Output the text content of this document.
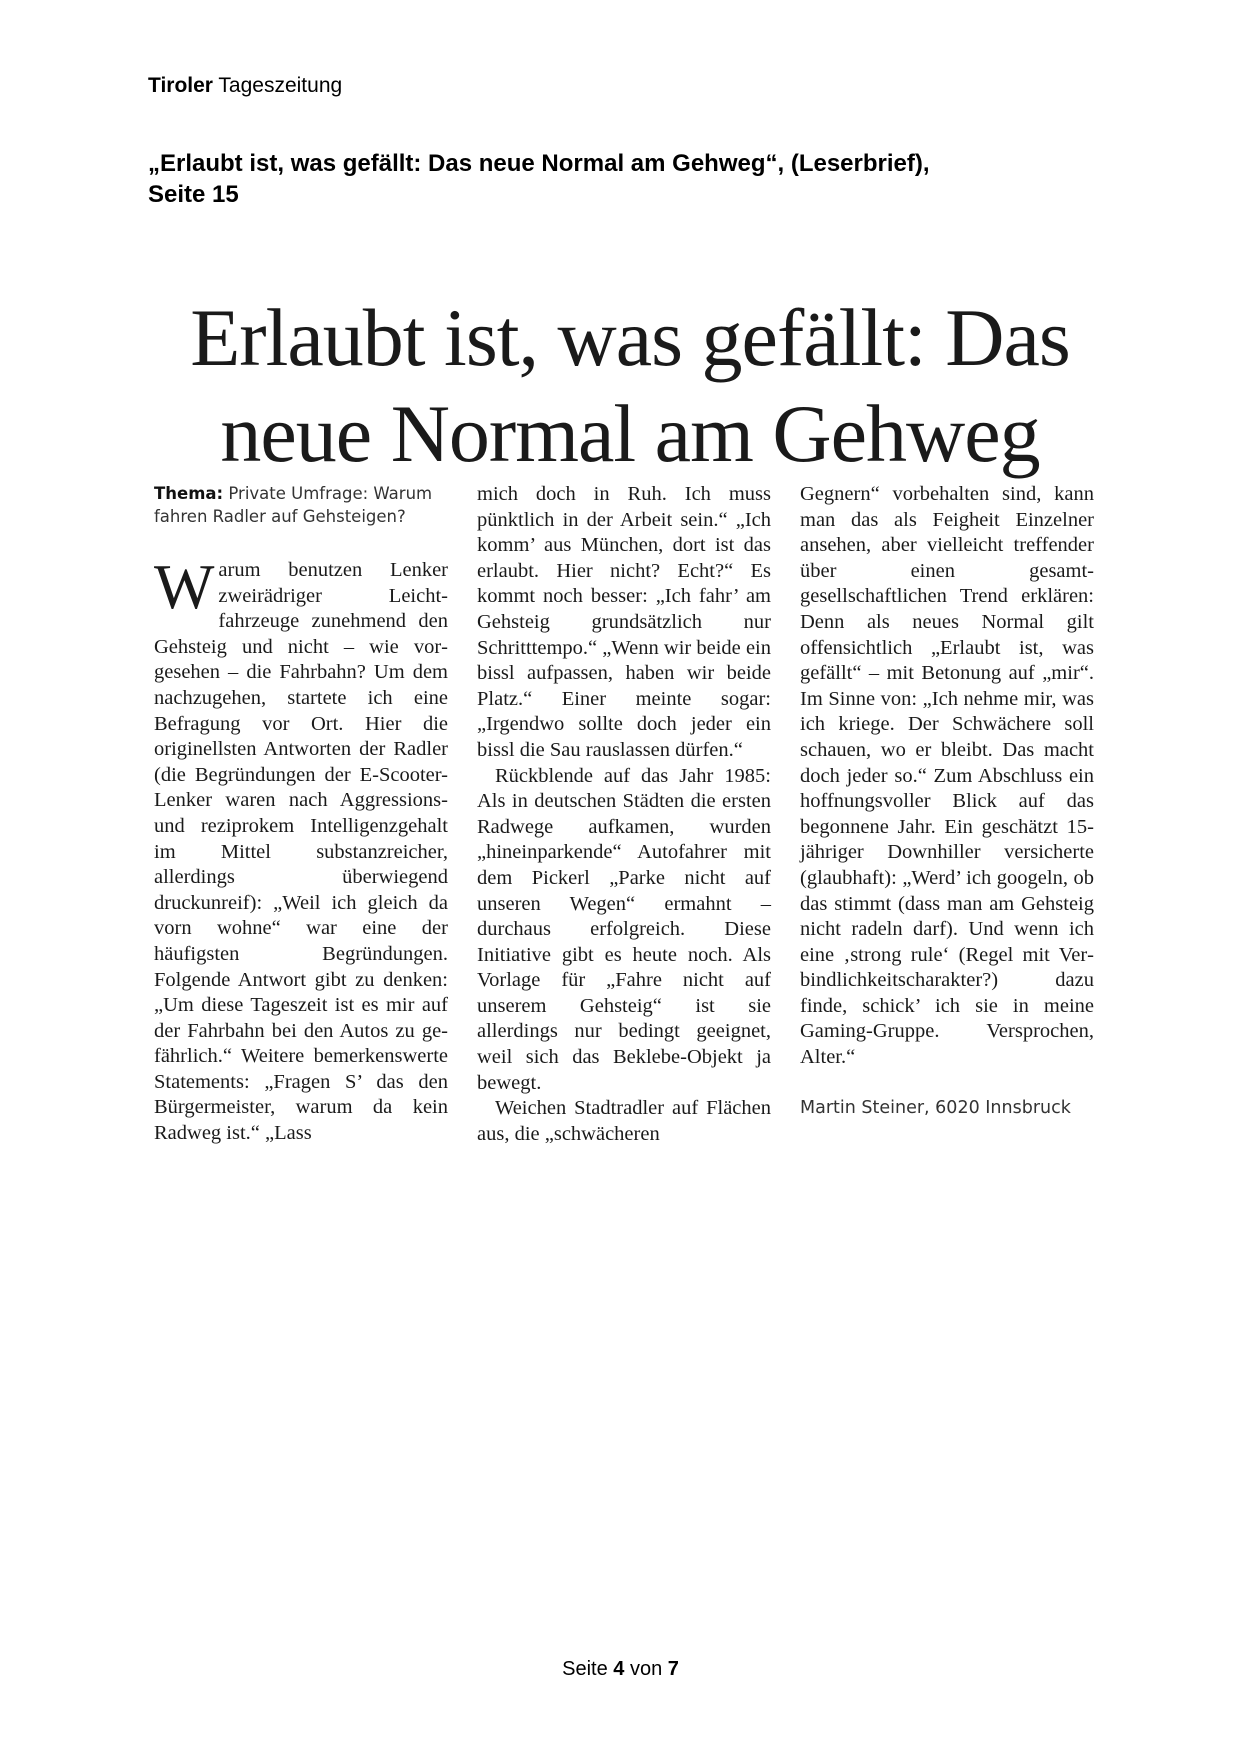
Tiroler Tageszeitung
„Erlaubt ist, was gefällt: Das neue Normal am Gehweg“, (Leserbrief),
Seite 15
Erlaubt ist, was gefällt: Das
neue Normal am Gehweg

Thema: Private Umfrage: Warum fahren Radler auf Gehsteigen?

Warum benutzen Lenker zweirädriger Leichtfahrzeuge zunehmend den Gehsteig und nicht – wie vorgesehen – die Fahrbahn? Um dem nachzugehen, startete ich eine Befragung vor Ort. Hier die originellsten Antworten der Radler (die Begründungen der E-Scooter-Lenker waren nach Aggressions- und reziprokem Intelligenzgehalt im Mittel substanzreicher, allerdings überwiegend druckunreif): „Weil ich gleich da vorn wohne“ war eine der häufigsten Begründungen. Folgende Antwort gibt zu denken: „Um diese Tageszeit ist es mir auf der Fahrbahn bei den Autos zu gefährlich.“ Weitere bemerkenswerte Statements: „Fragen S’ das den Bürgermeister, warum da kein Radweg ist.“ „Lass

mich doch in Ruh. Ich muss pünktlich in der Arbeit sein.“ „Ich komm’ aus München, dort ist das erlaubt. Hier nicht? Echt?“ Es kommt noch besser: „Ich fahr’ am Gehsteig grundsätzlich nur Schritttempo.“ „Wenn wir beide ein bissl aufpassen, haben wir beide Platz.“ Einer meinte sogar: „Irgendwo sollte doch jeder ein bissl die Sau rauslassen dürfen.“

Rückblende auf das Jahr 1985: Als in deutschen Städten die ersten Radwege aufkamen, wurden „hineinparkende“ Autofahrer mit dem Pickerl „Parke nicht auf unseren Wegen“ ermahnt – durchaus erfolgreich. Diese Initiative gibt es heute noch. Als Vorlage für „Fahre nicht auf unserem Gehsteig“ ist sie allerdings nur bedingt geeignet, weil sich das Beklebe-Objekt ja bewegt.

Weichen Stadtradler auf Flächen aus, die „schwächeren

Gegnern“ vorbehalten sind, kann man das als Feigheit Einzelner ansehen, aber vielleicht treffender über einen gesamtgesellschaftlichen Trend erklären: Denn als neues Normal gilt offensichtlich „Erlaubt ist, was gefällt“ – mit Betonung auf „mir“. Im Sinne von: „Ich nehme mir, was ich kriege. Der Schwächere soll schauen, wo er bleibt. Das macht doch jeder so.“ Zum Abschluss ein hoffnungsvoller Blick auf das begonnene Jahr. Ein geschätzt 15-jähriger Downhiller versicherte (glaubhaft): „Werd’ ich googeln, ob das stimmt (dass man am Gehsteig nicht radeln darf). Und wenn ich eine ‚strong rule‘ (Regel mit Verbindlichkeitscharakter?) dazu finde, schick’ ich sie in meine Gaming-Gruppe. Versprochen, Alter.“

Martin Steiner, 6020 Innsbruck

Seite 4 von 7
